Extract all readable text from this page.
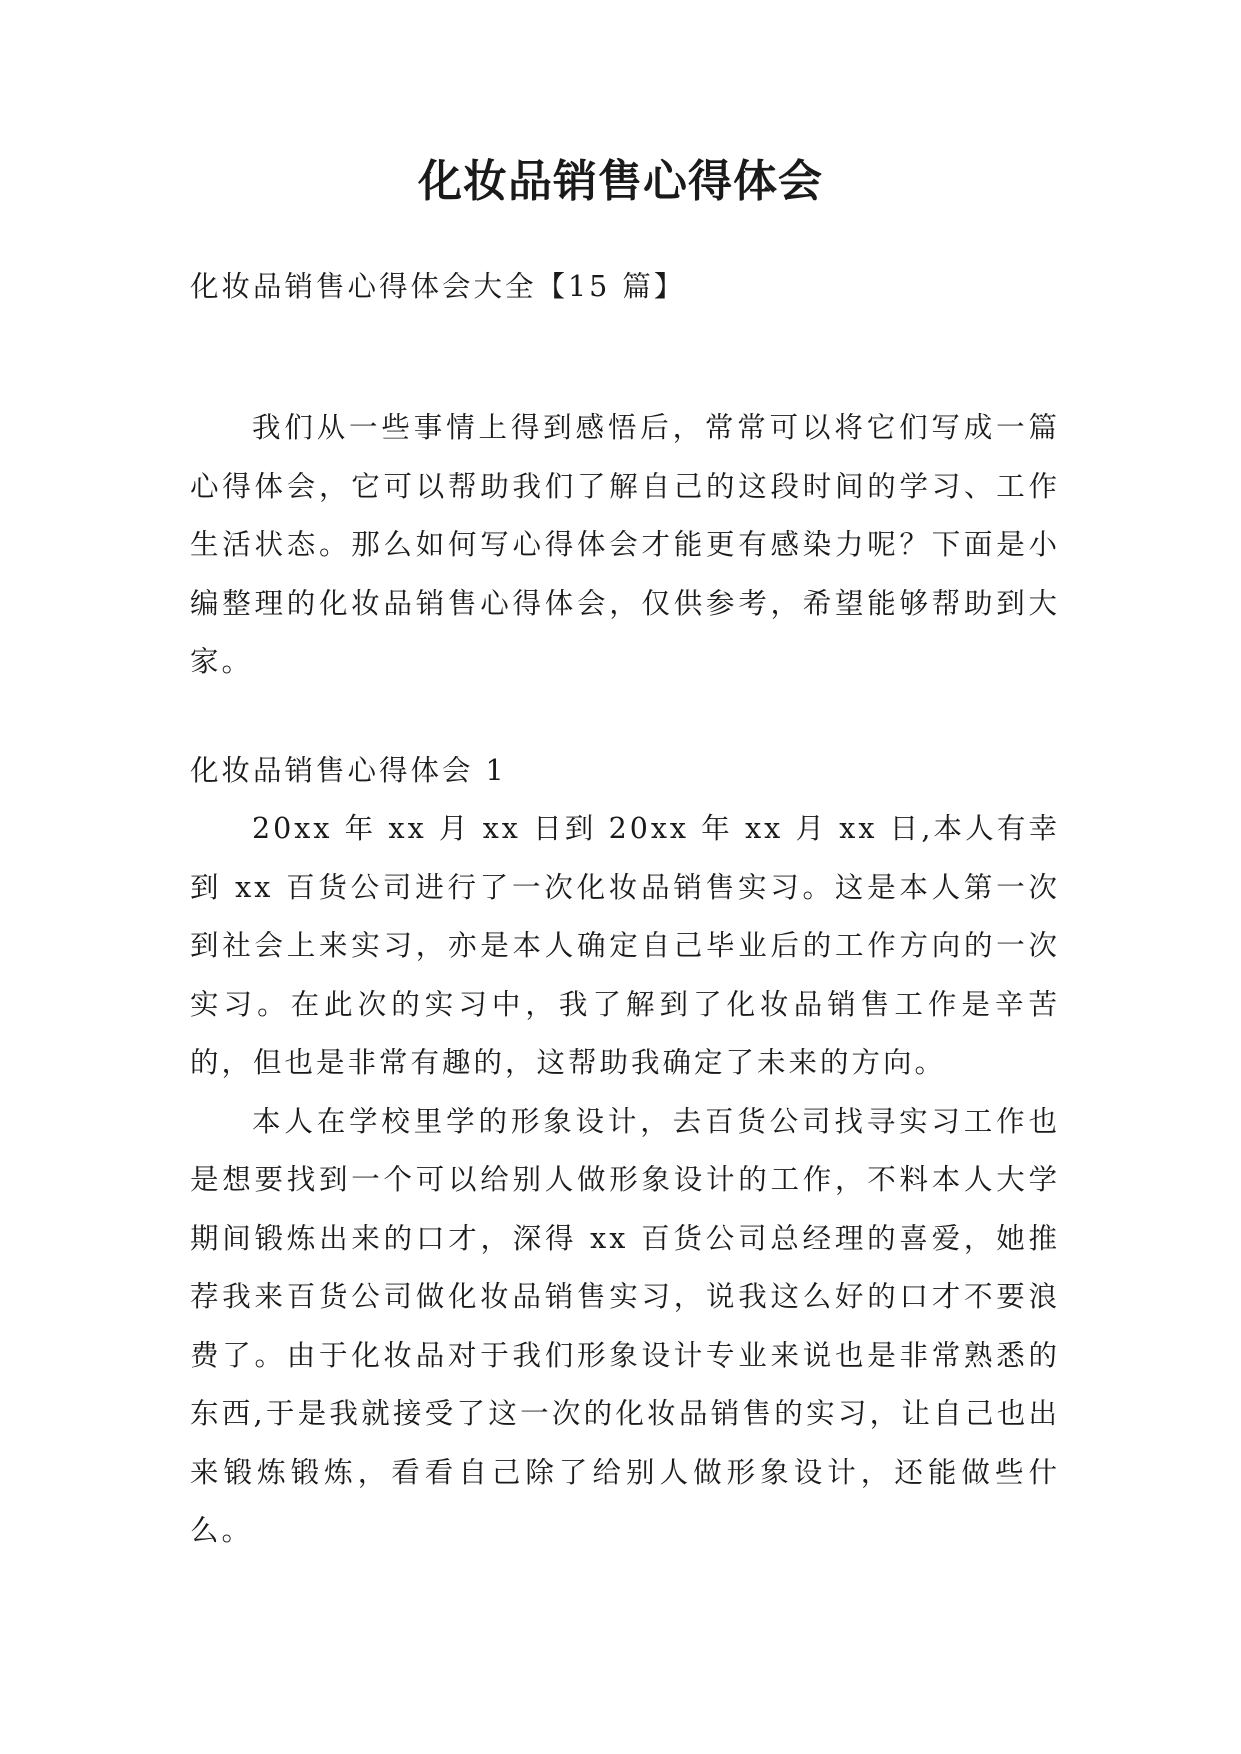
化妆品销售心得体会

化妆品销售心得体会大全【15 篇】

我们从一些事情上得到感悟后，常常可以将它们写成一篇心得体会，它可以帮助我们了解自己的这段时间的学习、工作生活状态。那么如何写心得体会才能更有感染力呢？下面是小编整理的化妆品销售心得体会，仅供参考，希望能够帮助到大家。

化妆品销售心得体会 1

20xx 年 xx 月 xx 日到 20xx 年 xx 月 xx 日,本人有幸到 xx 百货公司进行了一次化妆品销售实习。这是本人第一次到社会上来实习，亦是本人确定自己毕业后的工作方向的一次实习。在此次的实习中，我了解到了化妆品销售工作是辛苦的，但也是非常有趣的，这帮助我确定了未来的方向。

本人在学校里学的形象设计，去百货公司找寻实习工作也是想要找到一个可以给别人做形象设计的工作，不料本人大学期间锻炼出来的口才，深得 xx 百货公司总经理的喜爱，她推荐我来百货公司做化妆品销售实习，说我这么好的口才不要浪费了。由于化妆品对于我们形象设计专业来说也是非常熟悉的东西,于是我就接受了这一次的化妆品销售的实习，让自己也出来锻炼锻炼，看看自己除了给别人做形象设计，还能做些什么。
